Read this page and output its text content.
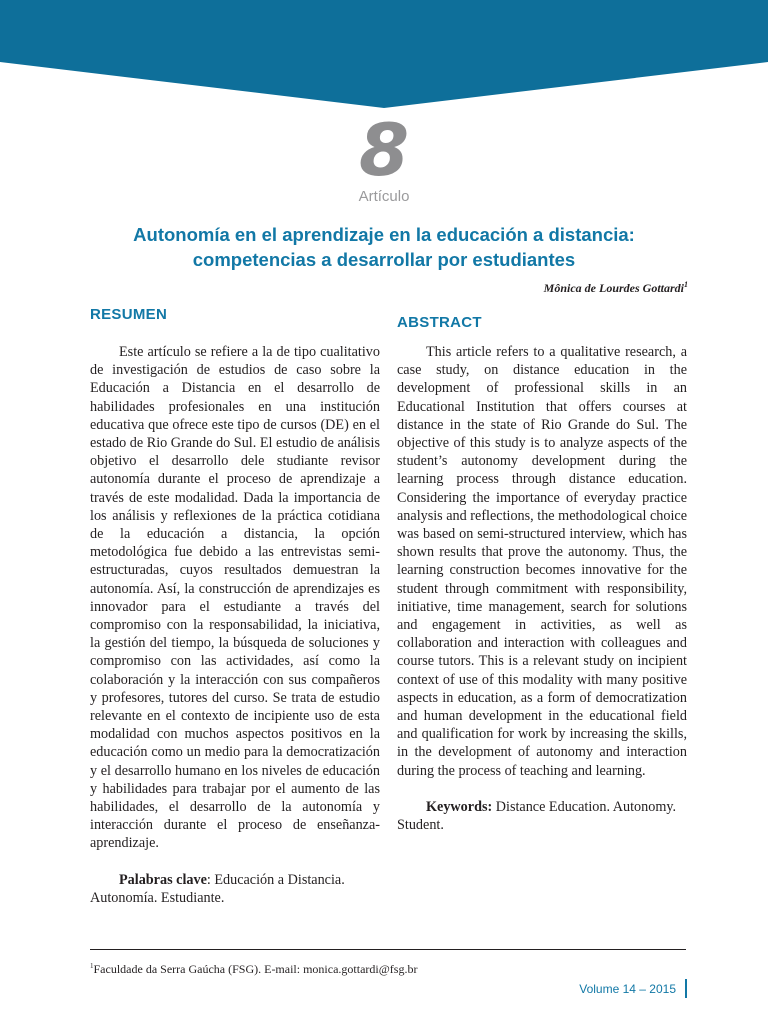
8
Artículo
Autonomía en el aprendizaje en la educación a distancia:
competencias a desarrollar por estudiantes
Mônica de Lourdes Gottardi$^1$
RESUMEN

Este artículo se refiere a la de tipo cualitativo de investigación de estudios de caso sobre la Educación a Distancia en el desarrollo de habilidades profesionales en una institución educativa que ofrece este tipo de cursos (DE) en el estado de Rio Grande do Sul. El estudio de análisis objetivo el desarrollo dele studiante revisor autonomía durante el proceso de aprendizaje a través de este modalidad. Dada la importancia de los análisis y reflexiones de la práctica cotidiana de la educación a distancia, la opción metodológica fue debido a las entrevistas semi-estructuradas, cuyos resultados demuestran la autonomía. Así, la construcción de aprendizajes es innovador para el estudiante a través del compromiso con la responsabilidad, la iniciativa, la gestión del tiempo, la búsqueda de soluciones y compromiso con las actividades, así como la colaboración y la interacción con sus compañeros y profesores, tutores del curso. Se trata de estudio relevante en el contexto de incipiente uso de esta modalidad con muchos aspectos positivos en la educación como un medio para la democratización y el desarrollo humano en los niveles de educación y habilidades para trabajar por el aumento de las habilidades, el desarrollo de la autonomía y interacción durante el proceso de enseñanza-aprendizaje.

Palabras clave: Educación a Distancia. Autonomía. Estudiante.

ABSTRACT

This article refers to a qualitative research, a case study, on distance education in the development of professional skills in an Educational Institution that offers courses at distance in the state of Rio Grande do Sul. The objective of this study is to analyze aspects of the student’s autonomy development during the learning process through distance education. Considering the importance of everyday practice analysis and reflections, the methodological choice was based on semi-structured interview, which has shown results that prove the autonomy. Thus, the learning construction becomes innovative for the student through commitment with responsibility, initiative, time management, search for solutions and engagement in activities, as well as collaboration and interaction with colleagues and course tutors. This is a relevant study on incipient context of use of this modality with many positive aspects in education, as a form of democratization and human development in the educational field and qualification for work by increasing the skills, in the development of autonomy and interaction during the process of teaching and learning.

Keywords: Distance Education. Autonomy. Student.

$^1$Faculdade da Serra Gaúcha (FSG). E-mail: monica.gottardi@fsg.br
Volume 14 – 2015
